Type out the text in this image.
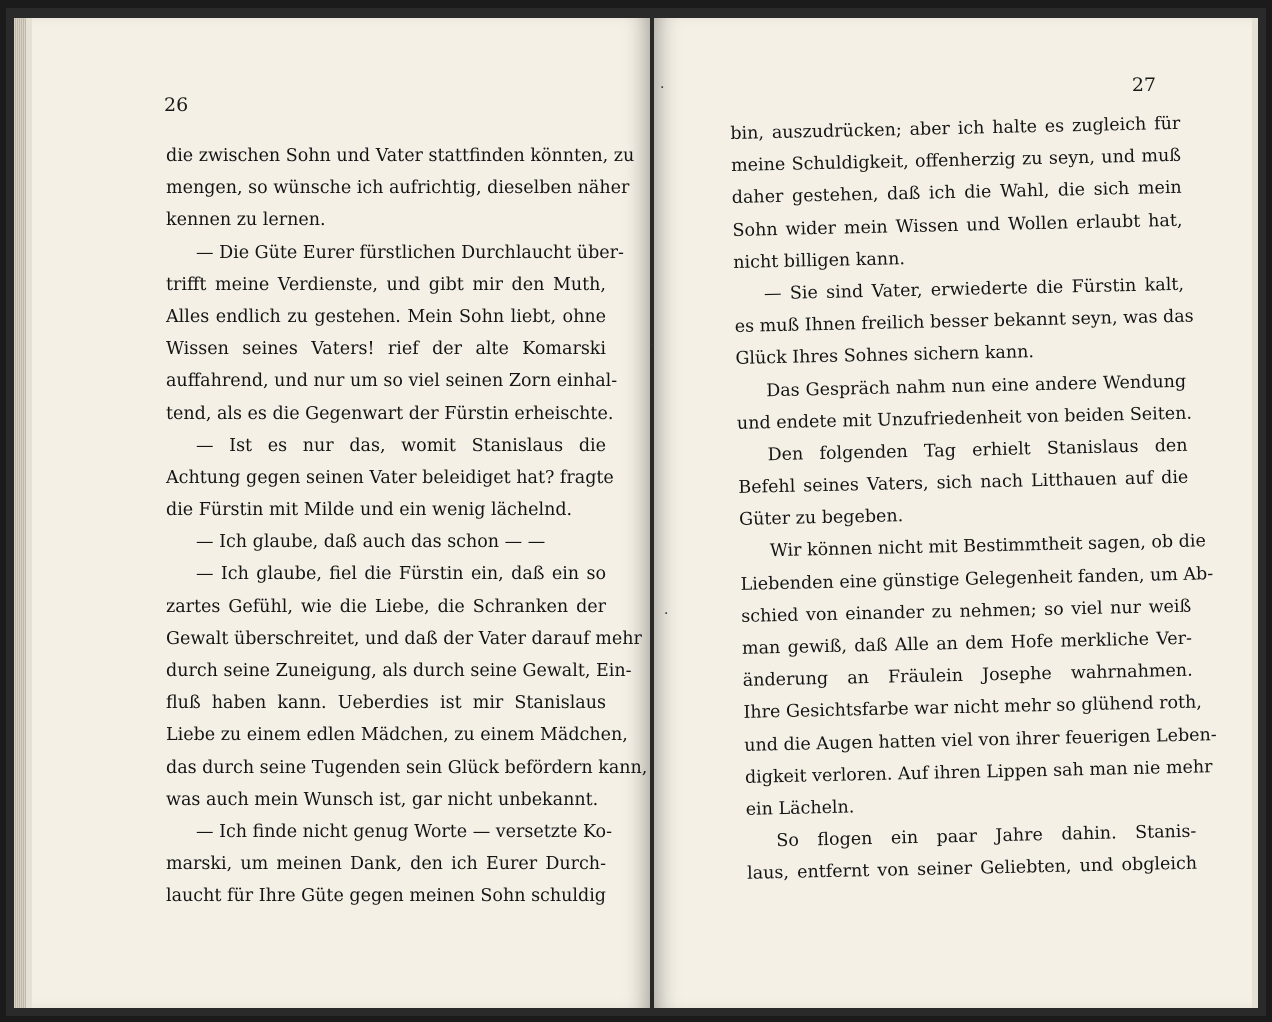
26
die zwischen Sohn und Vater stattfinden könnten, zu
mengen, so wünsche ich aufrichtig, dieselben näher
kennen zu lernen.
— Die Güte Eurer fürstlichen Durchlaucht über-
trifft meine Verdienste, und gibt mir den Muth,
Alles endlich zu gestehen. Mein Sohn liebt, ohne
Wissen seines Vaters! rief der alte Komarski
auffahrend, und nur um so viel seinen Zorn einhal-
tend, als es die Gegenwart der Fürstin erheischte.
— Ist es nur das, womit Stanislaus die
Achtung gegen seinen Vater beleidiget hat? fragte
die Fürstin mit Milde und ein wenig lächelnd.
— Ich glaube, daß auch das schon — —
— Ich glaube, fiel die Fürstin ein, daß ein so
zartes Gefühl, wie die Liebe, die Schranken der
Gewalt überschreitet, und daß der Vater darauf mehr
durch seine Zuneigung, als durch seine Gewalt, Ein-
fluß haben kann. Ueberdies ist mir Stanislaus
Liebe zu einem edlen Mädchen, zu einem Mädchen,
das durch seine Tugenden sein Glück befördern kann,
was auch mein Wunsch ist, gar nicht unbekannt.
— Ich finde nicht genug Worte — versetzte Ko-
marski, um meinen Dank, den ich Eurer Durch-
laucht für Ihre Güte gegen meinen Sohn schuldig
·
27
bin, auszudrücken; aber ich halte es zugleich für
meine Schuldigkeit, offenherzig zu seyn, und muß
daher gestehen, daß ich die Wahl, die sich mein
Sohn wider mein Wissen und Wollen erlaubt hat,
nicht billigen kann.
— Sie sind Vater, erwiederte die Fürstin kalt,
es muß Ihnen freilich besser bekannt seyn, was das
Glück Ihres Sohnes sichern kann.
Das Gespräch nahm nun eine andere Wendung
und endete mit Unzufriedenheit von beiden Seiten.
Den folgenden Tag erhielt Stanislaus den
Befehl seines Vaters, sich nach Litthauen auf die
Güter zu begeben.
Wir können nicht mit Bestimmtheit sagen, ob die
Liebenden eine günstige Gelegenheit fanden, um Ab-
schied von einander zu nehmen; so viel nur weiß
man gewiß, daß Alle an dem Hofe merkliche Ver-
änderung an Fräulein Josephe wahrnahmen.
Ihre Gesichtsfarbe war nicht mehr so glühend roth,
und die Augen hatten viel von ihrer feuerigen Leben-
digkeit verloren. Auf ihren Lippen sah man nie mehr
ein Lächeln.
So flogen ein paar Jahre dahin. Stanis-
laus, entfernt von seiner Geliebten, und obgleich
·
·
